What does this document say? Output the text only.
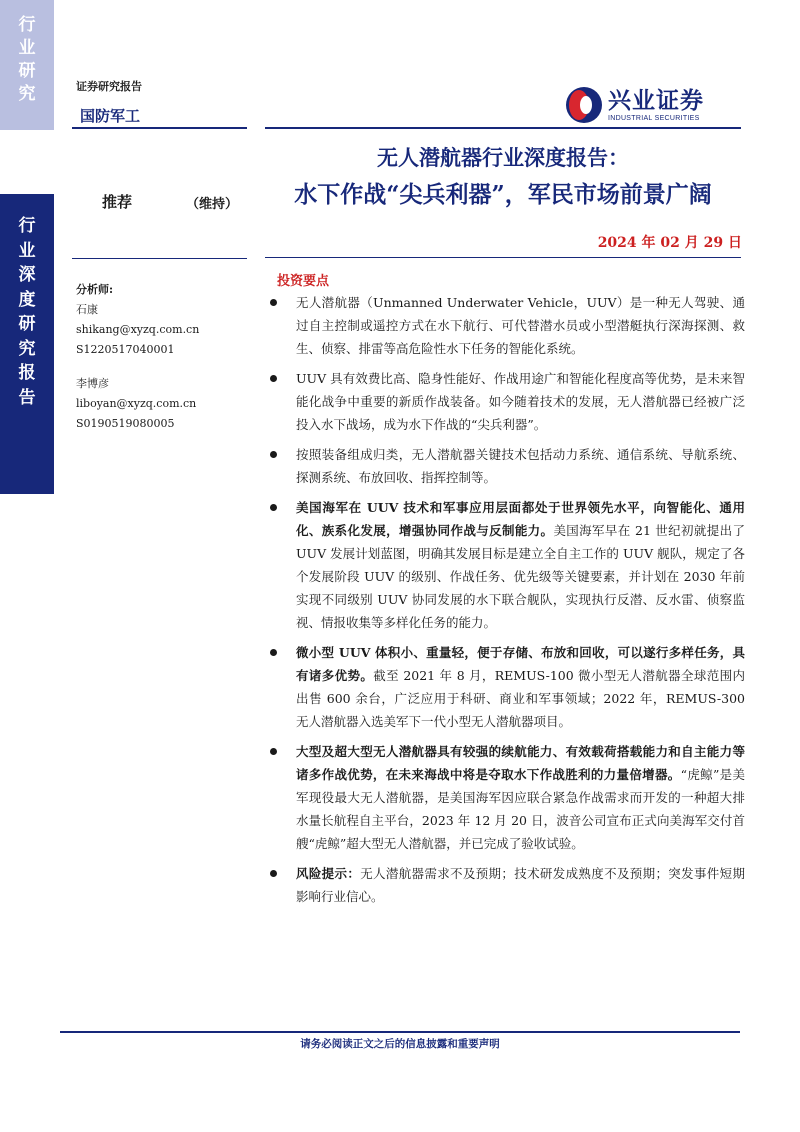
行
业
研
究
行
业
深
度
研
究
报
告
证券研究报告
国防军工
兴业证券
INDUSTRIAL SECURITIES
无人潜航器行业深度报告：
水下作战“尖兵利器”，军民市场前景广阔
2024 年 02 月 29 日
推荐	（维持）
分析师:
石康
shikang@xyzq.com.cn
S1220517040001
李博彦
liboyan@xyzq.com.cn
S0190519080005
投资要点
无人潜航器（Unmanned Underwater Vehicle，UUV）是一种无人驾驶、通过自主控制或遥控方式在水下航行、可代替潜水员或小型潜艇执行深海探测、救生、侦察、排雷等高危险性水下任务的智能化系统。
UUV 具有效费比高、隐身性能好、作战用途广和智能化程度高等优势，是未来智能化战争中重要的新质作战装备。如今随着技术的发展，无人潜航器已经被广泛投入水下战场，成为水下作战的“尖兵利器”。
按照装备组成归类，无人潜航器关键技术包括动力系统、通信系统、导航系统、探测系统、布放回收、指挥控制等。
美国海军在 UUV 技术和军事应用层面都处于世界领先水平，向智能化、通用化、族系化发展，增强协同作战与反制能力。美国海军早在 21 世纪初就提出了 UUV 发展计划蓝图，明确其发展目标是建立全自主工作的 UUV 舰队，规定了各个发展阶段 UUV 的级别、作战任务、优先级等关键要素，并计划在 2030 年前实现不同级别 UUV 协同发展的水下联合舰队，实现执行反潜、反水雷、侦察监视、情报收集等多样化任务的能力。
微小型 UUV 体积小、重量轻，便于存储、布放和回收，可以遂行多样任务，具有诸多优势。截至 2021 年 8 月，REMUS-100 微小型无人潜航器全球范围内出售 600 余台，广泛应用于科研、商业和军事领域；2022 年，REMUS-300 无人潜航器入选美军下一代小型无人潜航器项目。
大型及超大型无人潜航器具有较强的续航能力、有效载荷搭载能力和自主能力等诸多作战优势，在未来海战中将是夺取水下作战胜利的力量倍增器。“虎鲸”是美军现役最大无人潜航器，是美国海军因应联合紧急作战需求而开发的一种超大排水量长航程自主平台，2023 年 12 月 20 日，波音公司宣布正式向美海军交付首艘“虎鲸”超大型无人潜航器，并已完成了验收试验。
风险提示：无人潜航器需求不及预期；技术研发成熟度不及预期；突发事件短期影响行业信心。
请务必阅读正文之后的信息披露和重要声明
